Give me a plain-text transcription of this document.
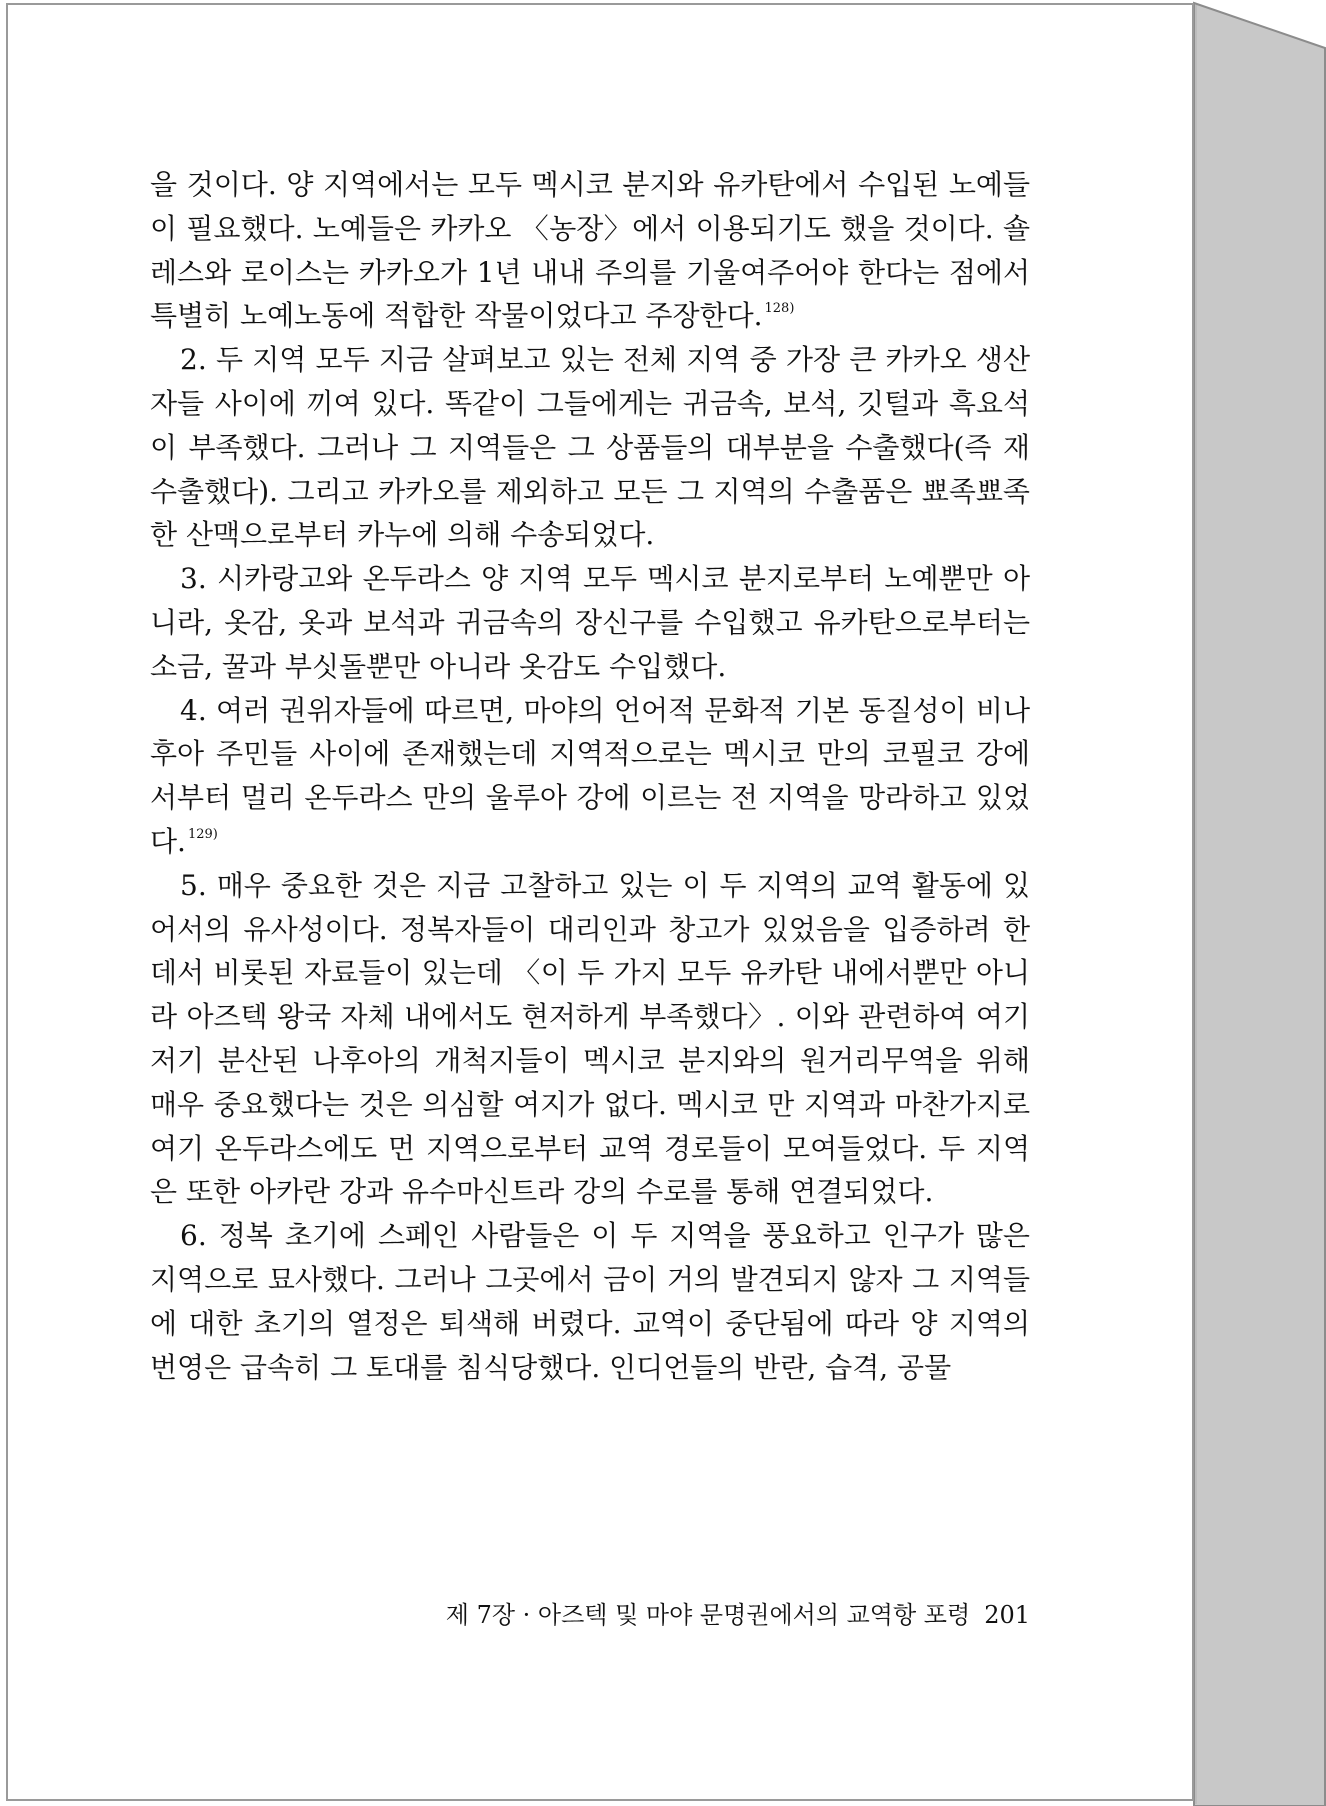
을 것이다. 양 지역에서는 모두 멕시코 분지와 유카탄에서 수입된 노예들이 필요했다. 노예들은 카카오 〈농장〉에서 이용되기도 했을 것이다. 숄레스와 로이스는 카카오가 1년 내내 주의를 기울여주어야 한다는 점에서 특별히 노예노동에 적합한 작물이었다고 주장한다. $^{128)}$

2. 두 지역 모두 지금 살펴보고 있는 전체 지역 중 가장 큰 카카오 생산자들 사이에 끼여 있다. 똑같이 그들에게는 귀금속, 보석, 깃털과 흑요석이 부족했다. 그러나 그 지역들은 그 상품들의 대부분을 수출했다(즉 재수출했다). 그리고 카카오를 제외하고 모든 그 지역의 수출품은 뾰족뾰족한 산맥으로부터 카누에 의해 수송되었다.

3. 시카랑고와 온두라스 양 지역 모두 멕시코 분지로부터 노예뿐만 아니라, 옷감, 옷과 보석과 귀금속의 장신구를 수입했고 유카탄으로부터는 소금, 꿀과 부싯돌뿐만 아니라 옷감도 수입했다.

4. 여러 권위자들에 따르면, 마야의 언어적 문화적 기본 동질성이 비나후아 주민들 사이에 존재했는데 지역적으로는 멕시코 만의 코필코 강에서부터 멀리 온두라스 만의 울루아 강에 이르는 전 지역을 망라하고 있었다. $^{129)}$

5. 매우 중요한 것은 지금 고찰하고 있는 이 두 지역의 교역 활동에 있어서의 유사성이다. 정복자들이 대리인과 창고가 있었음을 입증하려 한 데서 비롯된 자료들이 있는데 〈이 두 가지 모두 유카탄 내에서뿐만 아니라 아즈텍 왕국 자체 내에서도 현저하게 부족했다〉. 이와 관련하여 여기저기 분산된 나후아의 개척지들이 멕시코 분지와의 원거리무역을 위해 매우 중요했다는 것은 의심할 여지가 없다. 멕시코 만 지역과 마찬가지로 여기 온두라스에도 먼 지역으로부터 교역 경로들이 모여들었다. 두 지역은 또한 아카란 강과 유수마신트라 강의 수로를 통해 연결되었다.

6. 정복 초기에 스페인 사람들은 이 두 지역을 풍요하고 인구가 많은 지역으로 묘사했다. 그러나 그곳에서 금이 거의 발견되지 않자 그 지역들에 대한 초기의 열정은 퇴색해 버렸다. 교역이 중단됨에 따라 양 지역의 번영은 급속히 그 토대를 침식당했다. 인디언들의 반란, 습격, 공물

제 7장 · 아즈텍 및 마야 문명권에서의 교역항 포령 201
